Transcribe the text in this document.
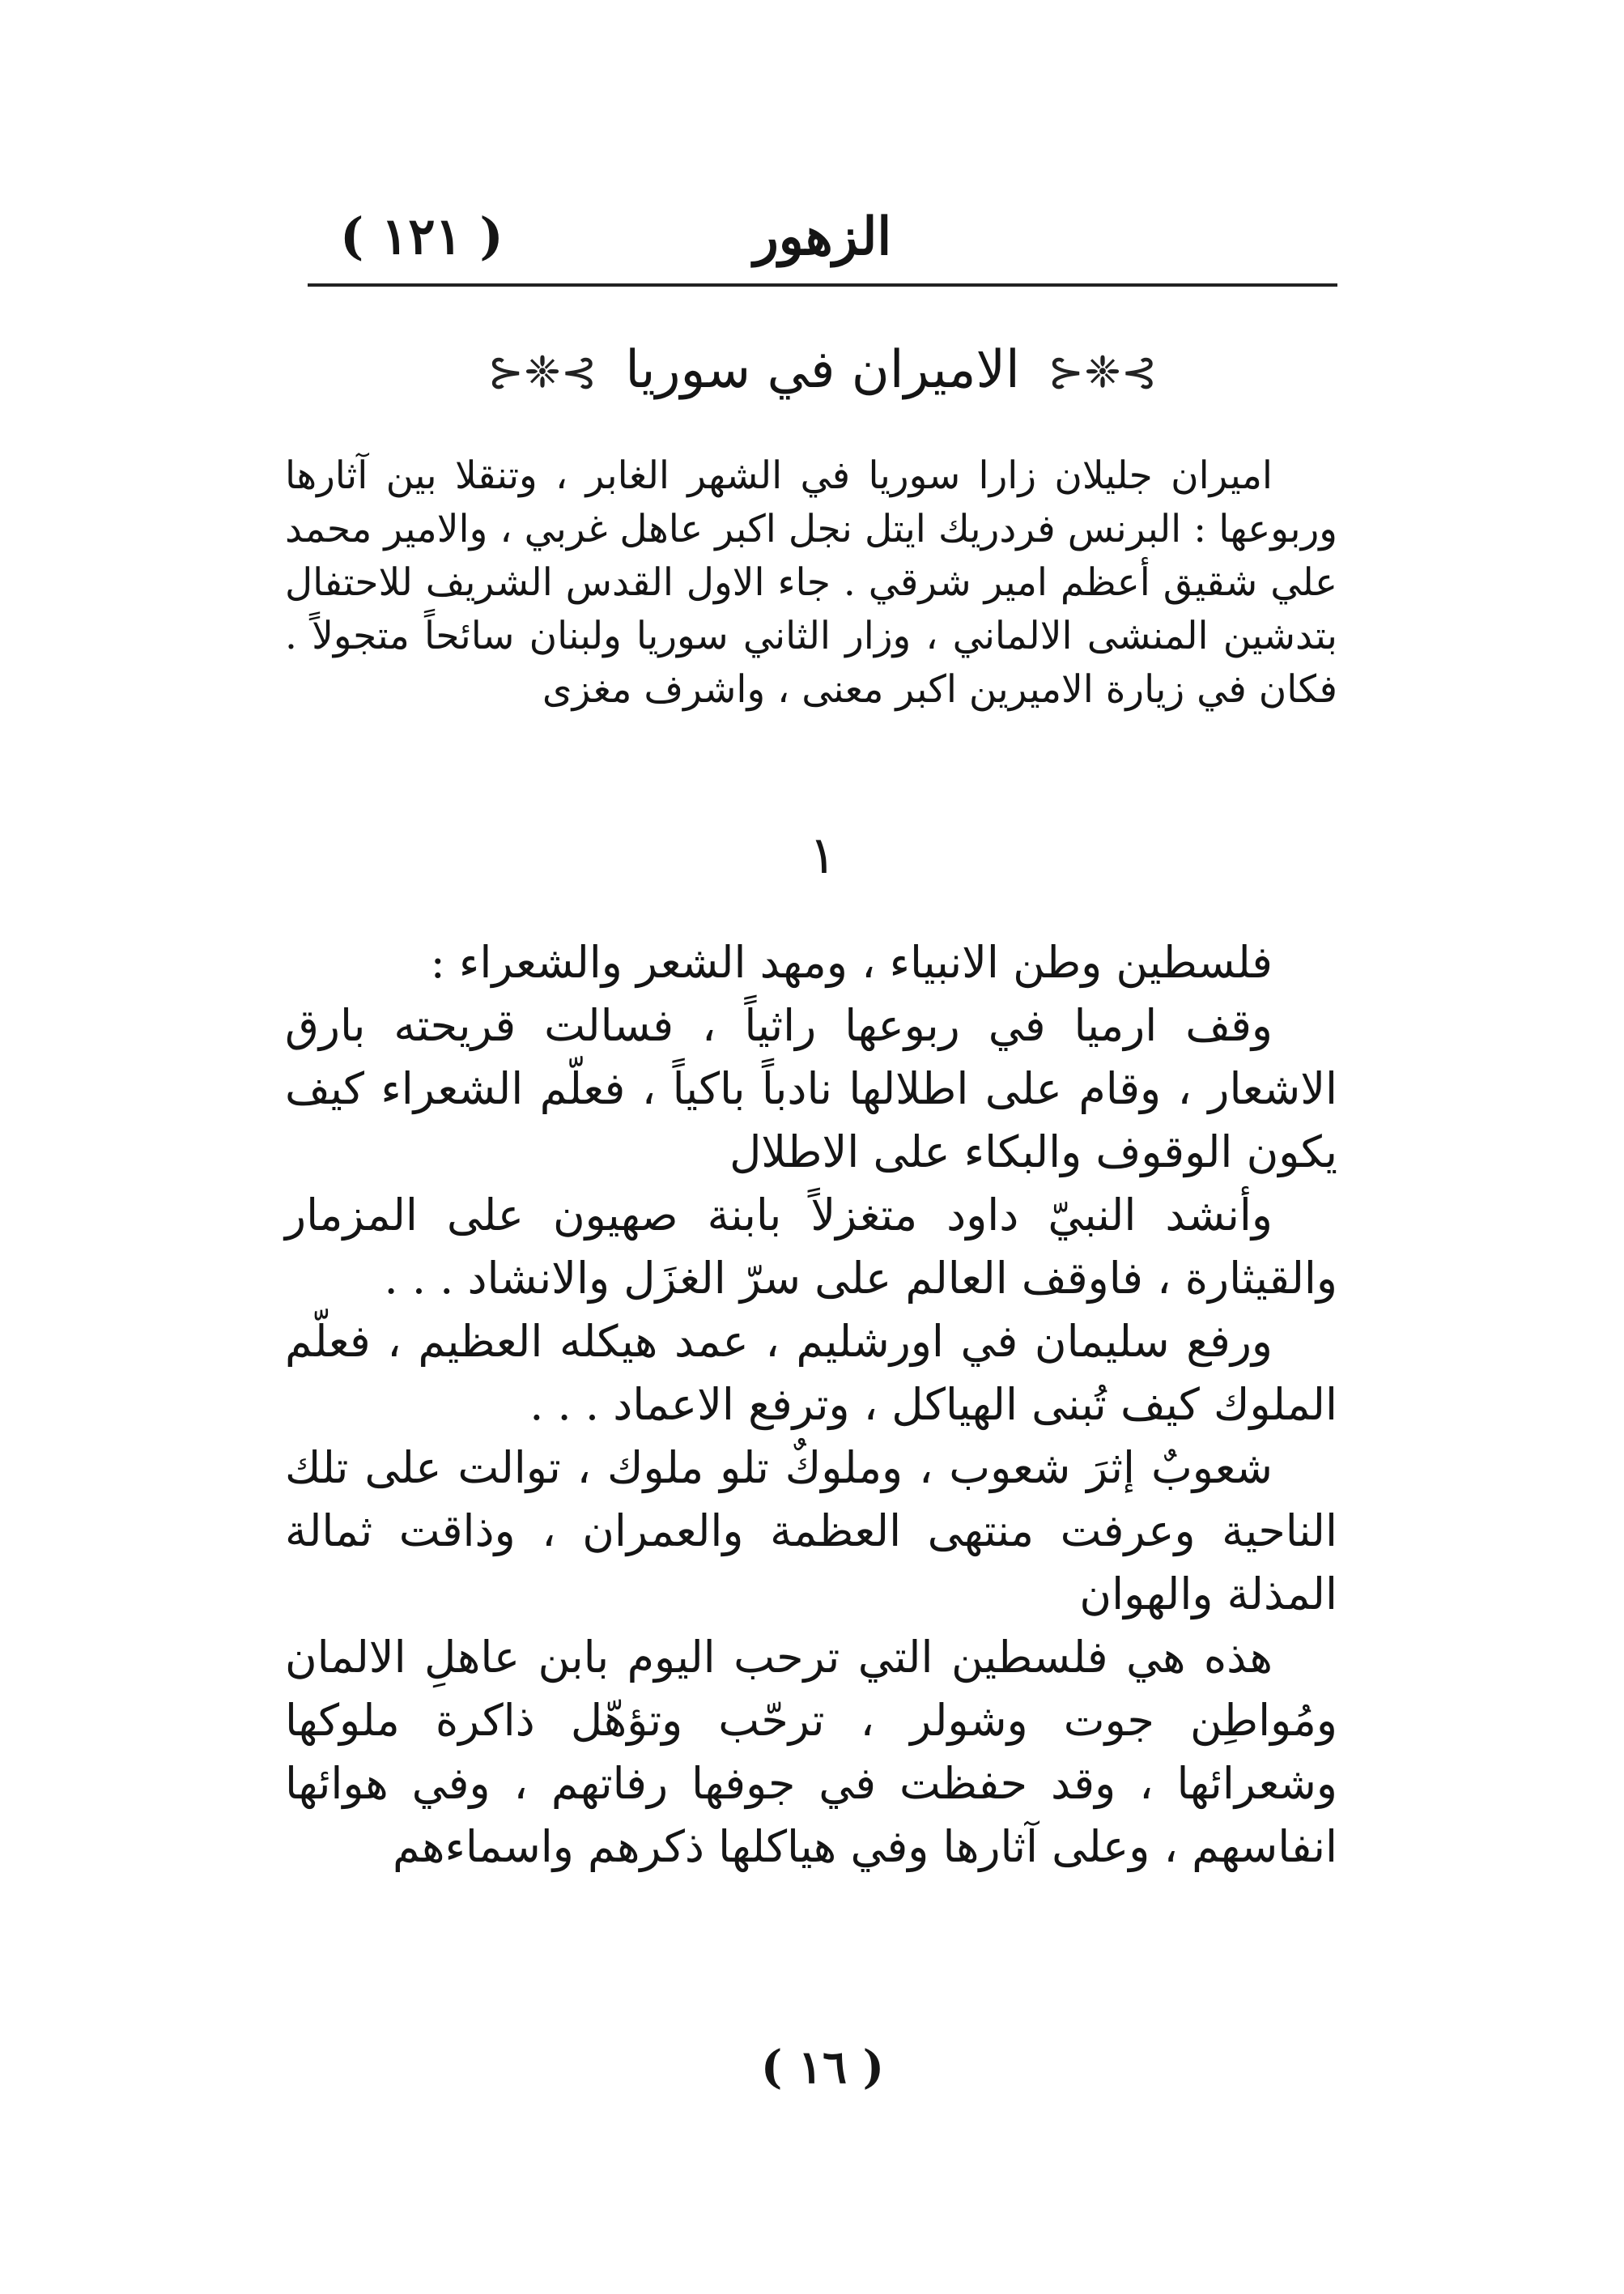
( ١٢١ )	الزهور
⊱❈⊰ الاميران في سوريا ⊱❈⊰

اميران جليلان زارا سوريا في الشهر الغابر ، وتنقلا بين آثارها وربوعها : البرنس فردريك ايتل نجل اكبر عاهل غربي ، والامير محمد علي شقيق أعظم امير شرقي . جاء الاول القدس الشريف للاحتفال بتدشين المنشى الالماني ، وزار الثاني سوريا ولبنان سائحاً متجولاً . فكان في زيارة الاميرين اكبر معنى ، واشرف مغزى

١

فلسطين وطن الانبياء ، ومهد الشعر والشعراء :

وقف ارميا في ربوعها راثياً ، فسالت قريحته بارق الاشعار ، وقام على اطلالها نادباً باكياً ، فعلّم الشعراء كيف يكون الوقوف والبكاء على الاطلال

وأنشد النبيّ داود متغزلاً بابنة صهيون على المزمار والقيثارة ، فاوقف العالم على سرّ الغزَل والانشاد . . .

ورفع سليمان في اورشليم ، عمد هيكله العظيم ، فعلّم الملوك كيف تُبنى الهياكل ، وترفع الاعماد . . .

شعوبٌ إثرَ شعوب ، وملوكٌ تلو ملوك ، توالت على تلك الناحية وعرفت منتهى العظمة والعمران ، وذاقت ثمالة المذلة والهوان

هذه هي فلسطين التي ترحب اليوم بابن عاهلِ الالمان ومُواطِن جوت وشولر ، ترحّب وتؤهّل ذاكرة ملوكها وشعرائها ، وقد حفظت في جوفها رفاتهم ، وفي هوائها انفاسهم ، وعلى آثارها وفي هياكلها ذكرهم واسماءهم

( ١٦ )
